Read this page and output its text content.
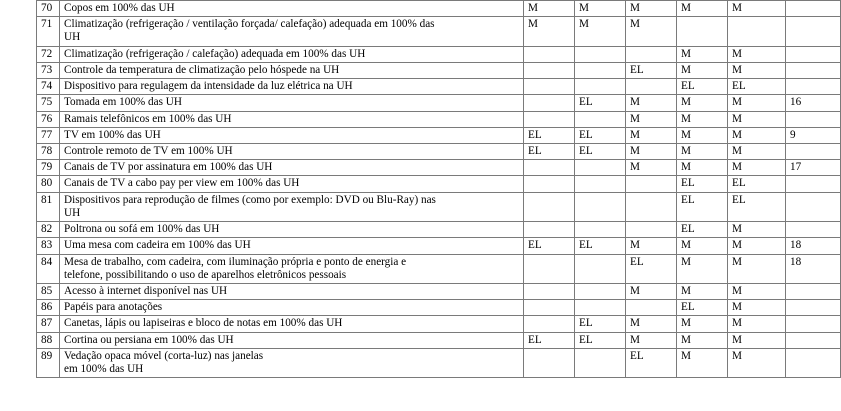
70	Copos em 100% das UH	M	M	M	M	M	
71	Climatização (refrigeração / ventilação forçada/ calefação) adequada em 100% das
UH	M	M	M			
72	Climatização (refrigeração / calefação) adequada em 100% das UH				M	M	
73	Controle da temperatura de climatização pelo hóspede na UH			EL	M	M	
74	Dispositivo para regulagem da intensidade da luz elétrica na UH				EL	EL	
75	Tomada em 100% das UH		EL	M	M	M	16
76	Ramais telefônicos em 100% das UH			M	M	M	
77	TV em 100% das UH	EL	EL	M	M	M	9
78	Controle remoto de TV em 100% UH	EL	EL	M	M	M	
79	Canais de TV por assinatura em 100% das UH			M	M	M	17
80	Canais de TV a cabo pay per view em 100% das UH				EL	EL	
81	Dispositivos para reprodução de filmes (como por exemplo: DVD ou Blu-Ray) nas
UH				EL	EL	
82	Poltrona ou sofá em 100% das UH				EL	M	
83	Uma mesa com cadeira em 100% das UH	EL	EL	M	M	M	18
84	Mesa de trabalho, com cadeira, com iluminação própria e ponto de energia e
telefone, possibilitando o uso de aparelhos eletrônicos pessoais			EL	M	M	18
85	Acesso à internet disponível nas UH			M	M	M	
86	Papéis para anotações				EL	M	
87	Canetas, lápis ou lapiseiras e bloco de notas em 100% das UH		EL	M	M	M	
88	Cortina ou persiana em 100% das UH	EL	EL	M	M	M	
89	Vedação opaca móvel (corta-luz) nas janelas
em 100% das UH			EL	M	M	
